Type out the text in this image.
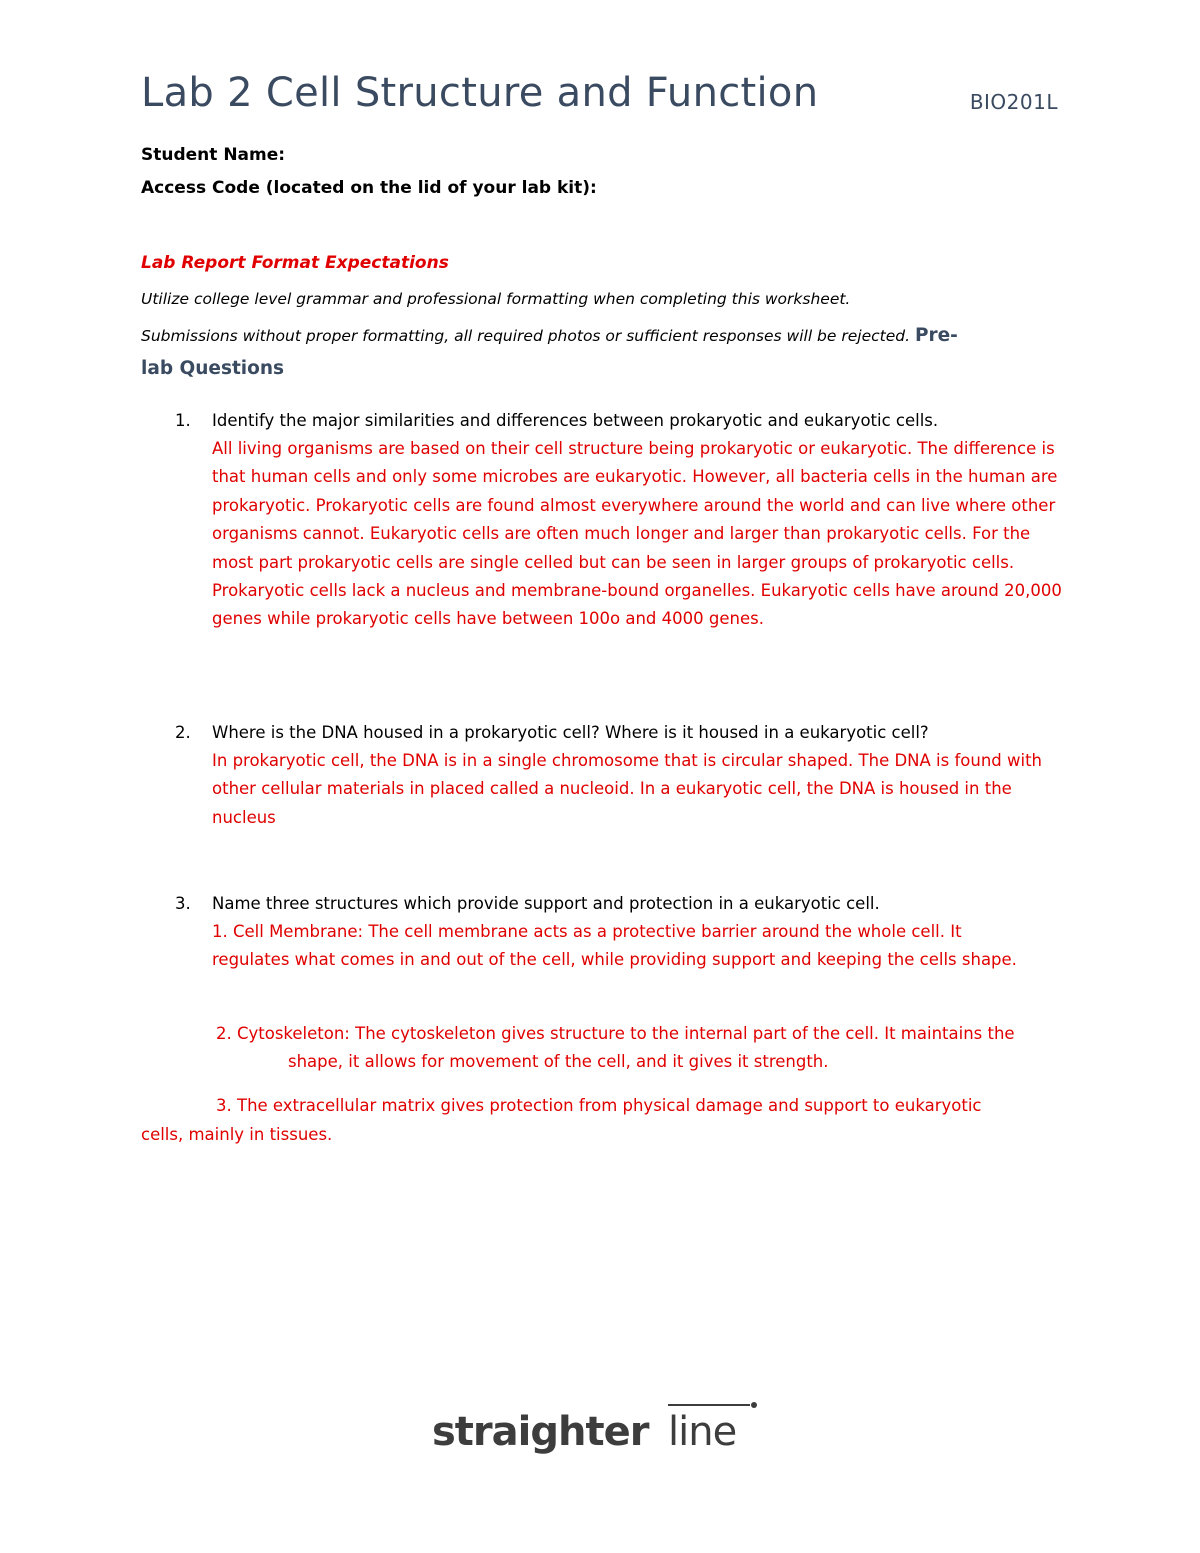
Lab 2 Cell Structure and Function	BIO201L
Student Name:
Access Code (located on the lid of your lab kit):
Lab Report Format Expectations
Utilize college level grammar and professional formatting when completing this worksheet.
Submissions without proper formatting, all required photos or sufficient responses will be rejected. Pre-
lab Questions
1. Identify the major similarities and differences between prokaryotic and eukaryotic cells.

All living organisms are based on their cell structure being prokaryotic or eukaryotic. The difference is that human cells and only some microbes are eukaryotic. However, all bacteria cells in the human are prokaryotic. Prokaryotic cells are found almost everywhere around the world and can live where other organisms cannot. Eukaryotic cells are often much longer and larger than prokaryotic cells. For the most part prokaryotic cells are single celled but can be seen in larger groups of prokaryotic cells. Prokaryotic cells lack a nucleus and membrane-bound organelles. Eukaryotic cells have around 20,000 genes while prokaryotic cells have between 100o and 4000 genes.

2. Where is the DNA housed in a prokaryotic cell? Where is it housed in a eukaryotic cell?

In prokaryotic cell, the DNA is in a single chromosome that is circular shaped. The DNA is found with other cellular materials in placed called a nucleoid. In a eukaryotic cell, the DNA is housed in the nucleus

3. Name three structures which provide support and protection in a eukaryotic cell.

1. Cell Membrane: The cell membrane acts as a protective barrier around the whole cell. It regulates what comes in and out of the cell, while providing support and keeping the cells shape.

2. Cytoskeleton: The cytoskeleton gives structure to the internal part of the cell. It maintains the
shape, it allows for movement of the cell, and it gives it strength.
3. The extracellular matrix gives protection from physical damage and support to eukaryotic
cells, mainly in tissues.
straighter line
